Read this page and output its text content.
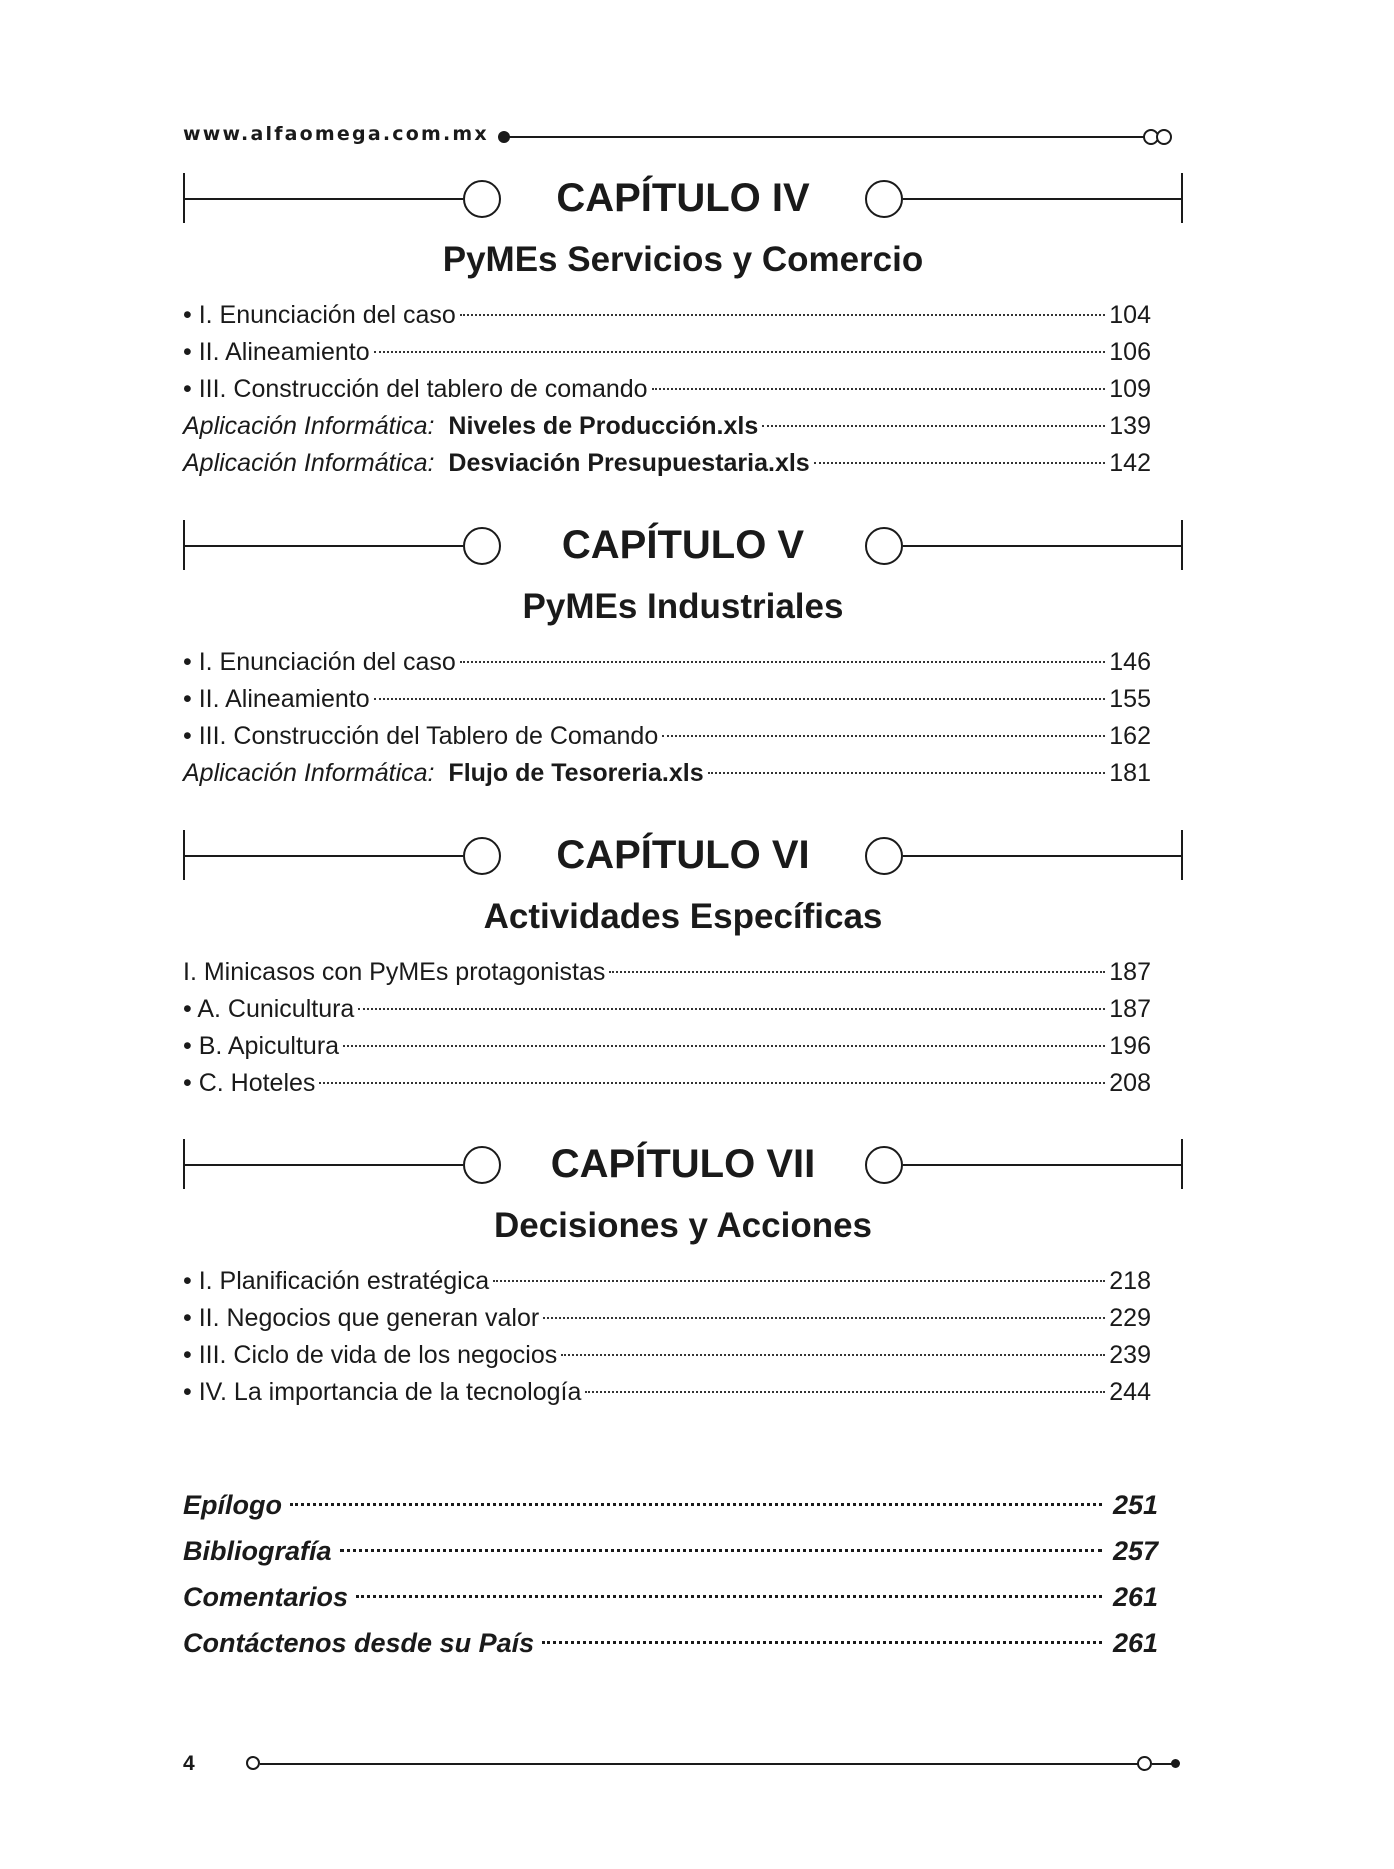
www.alfaomega.com.mx
CAPÍTULO IV
PyMEs Servicios y Comercio
• I. Enunciación del caso	104
• II. Alineamiento	106
• III. Construcción del tablero de comando	109
Aplicación Informática: Niveles de Producción.xls	139
Aplicación Informática: Desviación Presupuestaria.xls	142
CAPÍTULO V
PyMEs Industriales
• I. Enunciación del caso	146
• II. Alineamiento	155
• III. Construcción del Tablero de Comando	162
Aplicación Informática: Flujo de Tesoreria.xls	181
CAPÍTULO VI
Actividades Específicas
I. Minicasos con PyMEs protagonistas	187
• A. Cunicultura	187
• B. Apicultura	196
• C. Hoteles	208
CAPÍTULO VII
Decisiones y Acciones
• I. Planificación estratégica	218
• II. Negocios que generan valor	229
• III. Ciclo de vida de los negocios	239
• IV. La importancia de la tecnología	244
Epílogo	251
Bibliografía	257
Comentarios	261
Contáctenos desde su País	261
4
